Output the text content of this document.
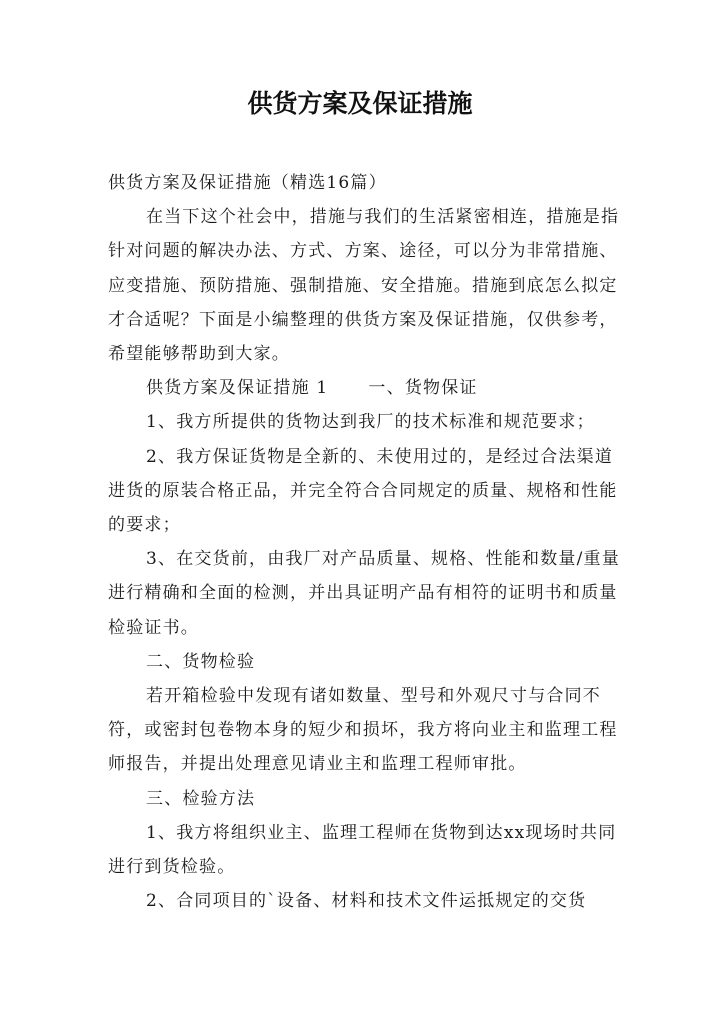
供货方案及保证措施

供货方案及保证措施（精选16篇）

在当下这个社会中，措施与我们的生活紧密相连，措施是指针对问题的解决办法、方式、方案、途径，可以分为非常措施、应变措施、预防措施、强制措施、安全措施。措施到底怎么拟定才合适呢？下面是小编整理的供货方案及保证措施，仅供参考，希望能够帮助到大家。

供货方案及保证措施 1 一、货物保证

1、我方所提供的货物达到我厂的技术标准和规范要求；

2、我方保证货物是全新的、未使用过的，是经过合法渠道进货的原装合格正品，并完全符合合同规定的质量、规格和性能的要求；

3、在交货前，由我厂对产品质量、规格、性能和数量/重量进行精确和全面的检测，并出具证明产品有相符的证明书和质量检验证书。

二、货物检验

若开箱检验中发现有诸如数量、型号和外观尺寸与合同不符，或密封包卷物本身的短少和损坏，我方将向业主和监理工程师报告，并提出处理意见请业主和监理工程师审批。

三、检验方法

1、我方将组织业主、监理工程师在货物到达xx现场时共同进行到货检验。

2、合同项目的`设备、材料和技术文件运抵规定的交货
